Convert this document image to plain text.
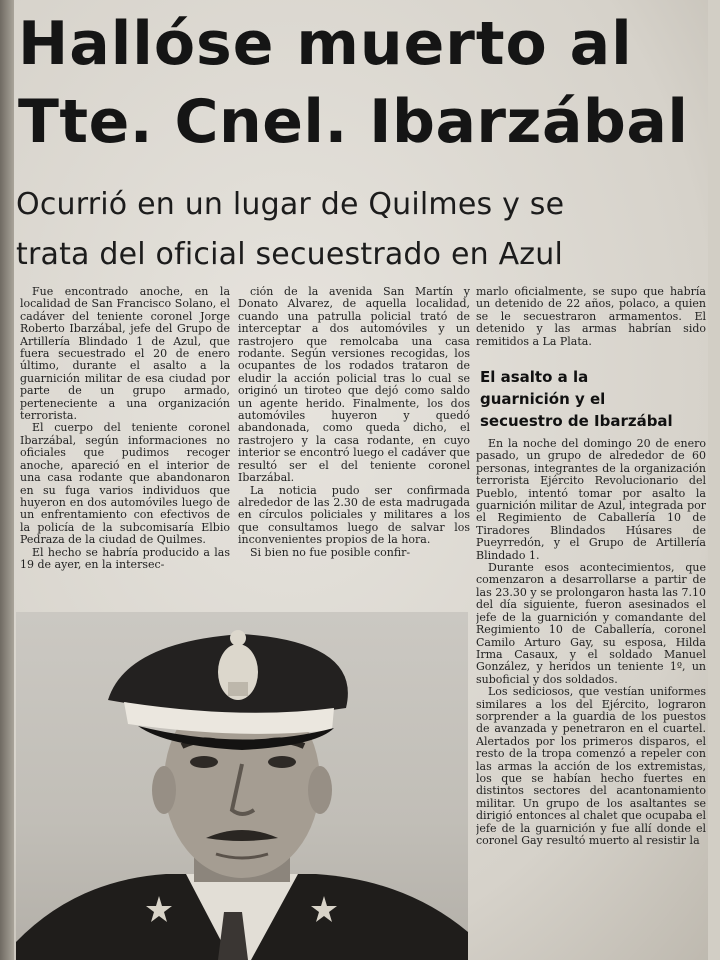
Hallóse muerto al
Tte. Cnel. Ibarzábal
Ocurrió en un lugar de Quilmes y se
trata del oficial secuestrado en Azul

Fue encontrado anoche, en la localidad de San Francisco Solano, el cadáver del teniente coronel Jorge Roberto Ibarzábal, jefe del Grupo de Artillería Blindado 1 de Azul, que fuera secuestrado el 20 de enero último, durante el asalto a la guarnición militar de esa ciudad por parte de un grupo armado, perteneciente a una organización terrorista.

El cuerpo del teniente coronel Ibarzábal, según informaciones no oficiales que pudimos recoger anoche, apareció en el interior de una casa rodante que abandonaron en su fuga varios individuos que huyeron en dos automóviles luego de un enfrentamiento con efectivos de la policía de la subcomisaría Elbio Pedraza de la ciudad de Quilmes.

El hecho se habría producido a las 19 de ayer, en la intersec-

ción de la avenida San Martín y Donato Alvarez, de aquella localidad, cuando una patrulla policial trató de interceptar a dos automóviles y un rastrojero que remolcaba una casa rodante. Según versiones recogidas, los ocupantes de los rodados trataron de eludir la acción policial tras lo cual se originó un tiroteo que dejó como saldo un agente herido. Finalmente, los dos automóviles huyeron y quedó abandonada, como queda dicho, el rastrojero y la casa rodante, en cuyo interior se encontró luego el cadáver que resultó ser el del teniente coronel Ibarzábal.

La noticia pudo ser confirmada alrededor de las 2.30 de esta madrugada en círculos policiales y militares a los que consultamos luego de salvar los inconvenientes propios de la hora.

Si bien no fue posible confir-

marlo oficialmente, se supo que habría un detenido de 22 años, polaco, a quien se le secuestraron armamentos. El detenido y las armas habrían sido remitidos a La Plata.

El asalto a la
guarnición y el
secuestro de Ibarzábal

En la noche del domingo 20 de enero pasado, un grupo de alrededor de 60 personas, integrantes de la organización terrorista Ejército Revolucionario del Pueblo, intentó tomar por asalto la guarnición militar de Azul, integrada por el Regimiento de Caballería 10 de Tiradores Blindados Húsares de Pueyrredón, y el Grupo de Artillería Blindado 1.

Durante esos acontecimientos, que comenzaron a desarrollarse a partir de las 23.30 y se prolongaron hasta las 7.10 del día siguiente, fueron asesinados el jefe de la guarnición y comandante del Regimiento 10 de Caballería, coronel Camilo Arturo Gay, su esposa, Hilda Irma Casaux, y el soldado Manuel González, y heridos un teniente 1º, un suboficial y dos soldados.

Los sediciosos, que vestían uniformes similares a los del Ejército, lograron sorprender a la guardia de los puestos de avanzada y penetraron en el cuartel. Alertados por los primeros disparos, el resto de la tropa comenzó a repeler con las armas la acción de los extremistas, los que se habían hecho fuertes en distintos sectores del acantonamiento militar. Un grupo de los asaltantes se dirigió entonces al chalet que ocupaba el jefe de la guarnición y fue allí donde el coronel Gay resultó muerto al resistir la
